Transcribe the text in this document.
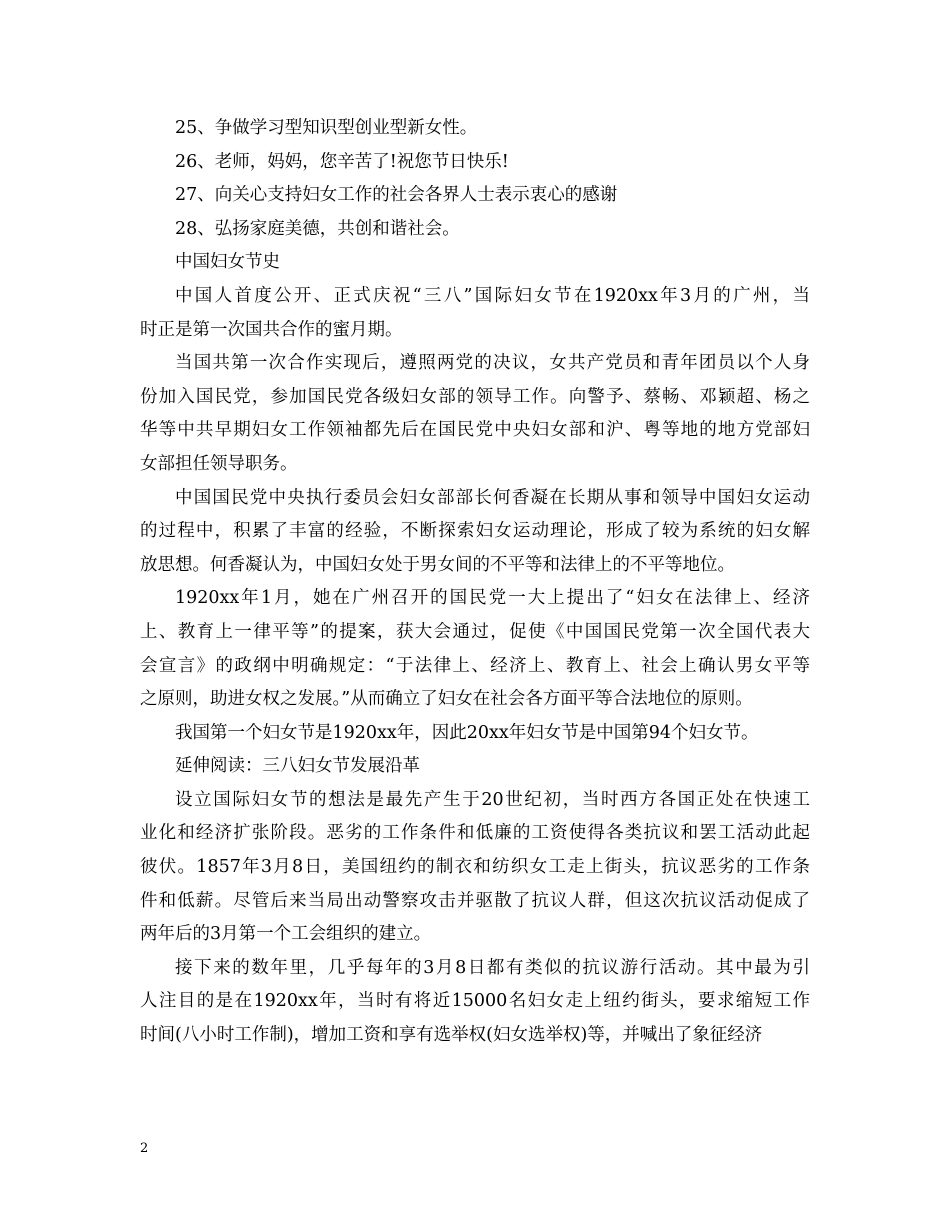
25、争做学习型知识型创业型新女性。
26、老师，妈妈，您辛苦了!祝您节日快乐!
27、向关心支持妇女工作的社会各界人士表示衷心的感谢
28、弘扬家庭美德，共创和谐社会。
中国妇女节史
中国人首度公开、正式庆祝“三八”国际妇女节在1920xx年3月的广州，当
时正是第一次国共合作的蜜月期。
当国共第一次合作实现后，遵照两党的决议，女共产党员和青年团员以个人身
份加入国民党，参加国民党各级妇女部的领导工作。向警予、蔡畅、邓颖超、杨之
华等中共早期妇女工作领袖都先后在国民党中央妇女部和沪、粤等地的地方党部妇
女部担任领导职务。
中国国民党中央执行委员会妇女部部长何香凝在长期从事和领导中国妇女运动
的过程中，积累了丰富的经验，不断探索妇女运动理论，形成了较为系统的妇女解
放思想。何香凝认为，中国妇女处于男女间的不平等和法律上的不平等地位。
1920xx年1月，她在广州召开的国民党一大上提出了“妇女在法律上、经济
上、教育上一律平等”的提案，获大会通过，促使《中国国民党第一次全国代表大
会宣言》的政纲中明确规定：“于法律上、经济上、教育上、社会上确认男女平等
之原则，助进女权之发展。”从而确立了妇女在社会各方面平等合法地位的原则。
我国第一个妇女节是1920xx年，因此20xx年妇女节是中国第94个妇女节。
延伸阅读：三八妇女节发展沿革
设立国际妇女节的想法是最先产生于20世纪初，当时西方各国正处在快速工
业化和经济扩张阶段。恶劣的工作条件和低廉的工资使得各类抗议和罢工活动此起
彼伏。1857年3月8日，美国纽约的制衣和纺织女工走上街头，抗议恶劣的工作条
件和低薪。尽管后来当局出动警察攻击并驱散了抗议人群，但这次抗议活动促成了
两年后的3月第一个工会组织的建立。
接下来的数年里，几乎每年的3月8日都有类似的抗议游行活动。其中最为引
人注目的是在1920xx年，当时有将近15000名妇女走上纽约街头，要求缩短工作
时间(八小时工作制)，增加工资和享有选举权(妇女选举权)等，并喊出了象征经济
2
